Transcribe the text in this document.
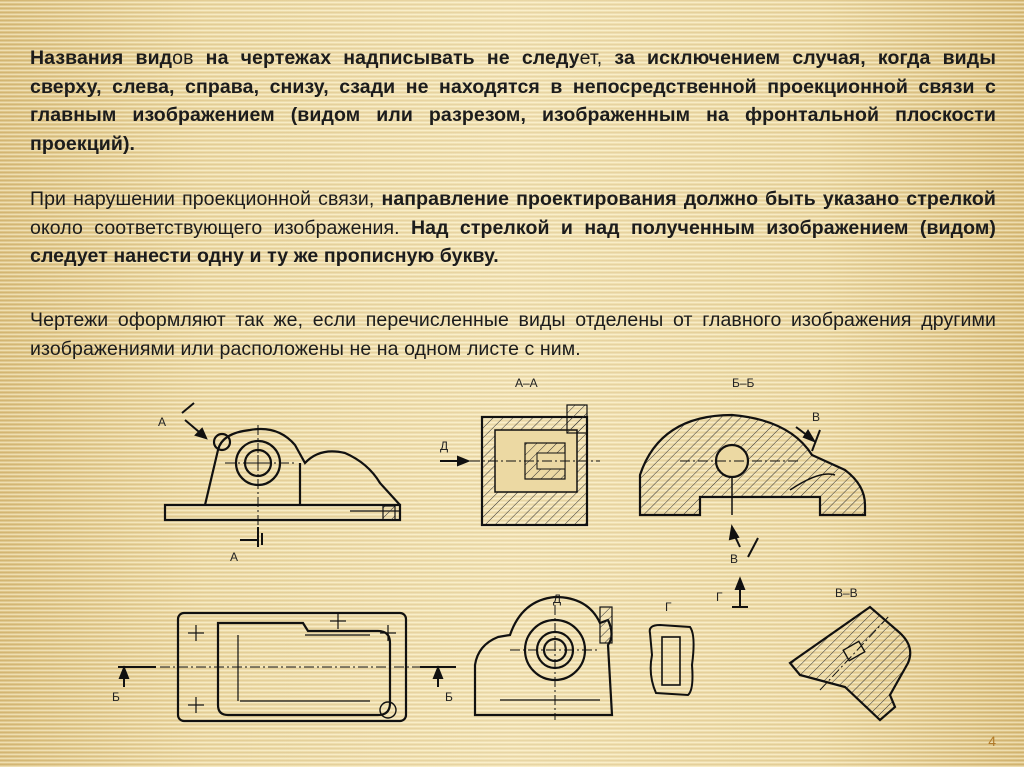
Названия видов на чертежах надписывать не следует, за исключением случая, когда виды сверху, слева, справа, снизу, сзади не находятся в непосредственной проекционной связи с главным изображением (видом или разрезом, изображенным на фронтальной плоскости проекций).
При нарушении проекционной связи, направление проектирования должно быть указано стрелкой около соответствующего изображения. Над стрелкой и над полученным изображением (видом) следует нанести одну и ту же прописную букву.
Чертежи оформляют так же, если перечисленные виды отделены от главного изображения другими изображениями или расположены не на одном листе с ним.
А
А
А–А
Д
Б–Б
В
В
Г
Б	Б
Д
Г
В–В
4
